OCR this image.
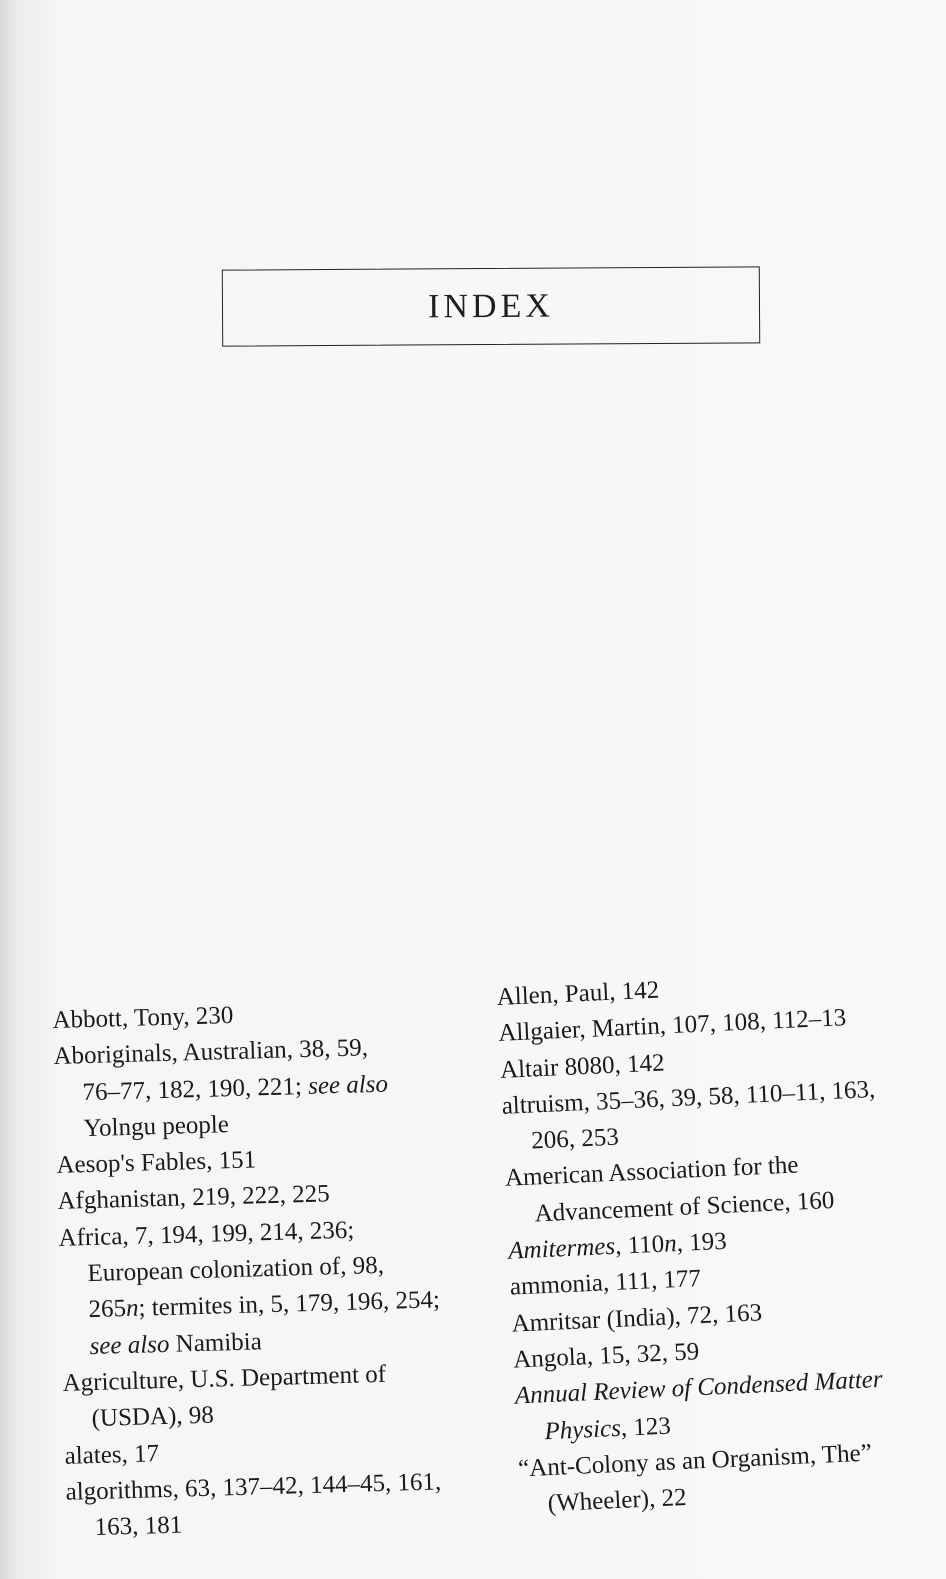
INDEX
Abbott, Tony, 230
Aboriginals, Australian, 38, 59,
76–77, 182, 190, 221; see also
Yolngu people
Aesop's Fables, 151
Afghanistan, 219, 222, 225
Africa, 7, 194, 199, 214, 236;
European colonization of, 98,
265n; termites in, 5, 179, 196, 254;
see also Namibia
Agriculture, U.S. Department of
(USDA), 98
alates, 17
algorithms, 63, 137–42, 144–45, 161,
163, 181
Allen, Paul, 142
Allgaier, Martin, 107, 108, 112–13
Altair 8080, 142
altruism, 35–36, 39, 58, 110–11, 163,
206, 253
American Association for the
Advancement of Science, 160
Amitermes, 110n, 193
ammonia, 111, 177
Amritsar (India), 72, 163
Angola, 15, 32, 59
Annual Review of Condensed Matter
Physics, 123
“Ant-Colony as an Organism, The”
(Wheeler), 22
